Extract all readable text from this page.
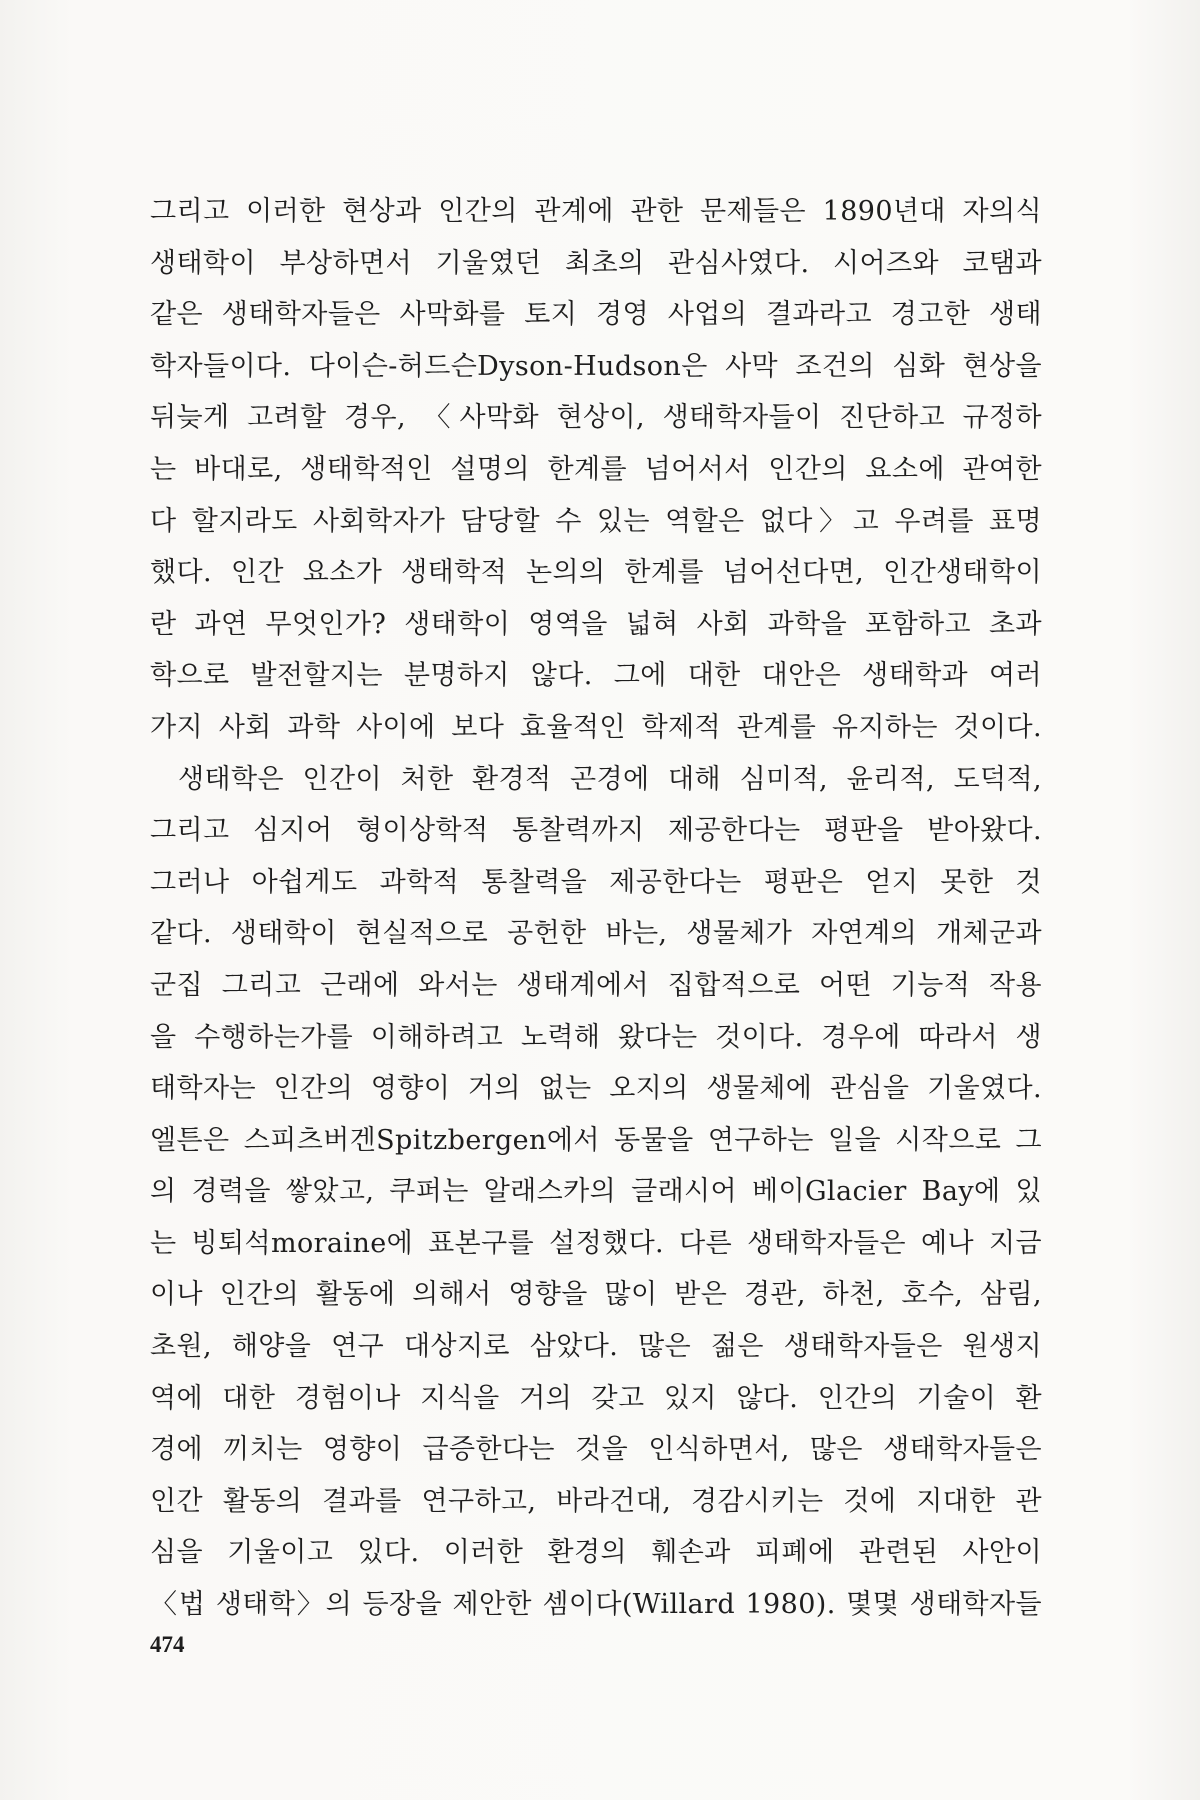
그리고 이러한 현상과 인간의 관계에 관한 문제들은 1890년대 자의식
생태학이 부상하면서 기울였던 최초의 관심사였다. 시어즈와 코탬과
같은 생태학자들은 사막화를 토지 경영 사업의 결과라고 경고한 생태
학자들이다. 다이슨-허드슨Dyson-Hudson은 사막 조건의 심화 현상을
뒤늦게 고려할 경우, 〈사막화 현상이, 생태학자들이 진단하고 규정하
는 바대로, 생태학적인 설명의 한계를 넘어서서 인간의 요소에 관여한
다 할지라도 사회학자가 담당할 수 있는 역할은 없다〉고 우려를 표명
했다. 인간 요소가 생태학적 논의의 한계를 넘어선다면, 인간생태학이
란 과연 무엇인가? 생태학이 영역을 넓혀 사회 과학을 포함하고 초과
학으로 발전할지는 분명하지 않다. 그에 대한 대안은 생태학과 여러
가지 사회 과학 사이에 보다 효율적인 학제적 관계를 유지하는 것이다.
생태학은 인간이 처한 환경적 곤경에 대해 심미적, 윤리적, 도덕적,
그리고 심지어 형이상학적 통찰력까지 제공한다는 평판을 받아왔다.
그러나 아쉽게도 과학적 통찰력을 제공한다는 평판은 얻지 못한 것
같다. 생태학이 현실적으로 공헌한 바는, 생물체가 자연계의 개체군과
군집 그리고 근래에 와서는 생태계에서 집합적으로 어떤 기능적 작용
을 수행하는가를 이해하려고 노력해 왔다는 것이다. 경우에 따라서 생
태학자는 인간의 영향이 거의 없는 오지의 생물체에 관심을 기울였다.
엘튼은 스피츠버겐Spitzbergen에서 동물을 연구하는 일을 시작으로 그
의 경력을 쌓았고, 쿠퍼는 알래스카의 글래시어 베이Glacier Bay에 있
는 빙퇴석moraine에 표본구를 설정했다. 다른 생태학자들은 예나 지금
이나 인간의 활동에 의해서 영향을 많이 받은 경관, 하천, 호수, 삼림,
초원, 해양을 연구 대상지로 삼았다. 많은 젊은 생태학자들은 원생지
역에 대한 경험이나 지식을 거의 갖고 있지 않다. 인간의 기술이 환
경에 끼치는 영향이 급증한다는 것을 인식하면서, 많은 생태학자들은
인간 활동의 결과를 연구하고, 바라건대, 경감시키는 것에 지대한 관
심을 기울이고 있다. 이러한 환경의 훼손과 피폐에 관련된 사안이
〈법 생태학〉의 등장을 제안한 셈이다(Willard 1980). 몇몇 생태학자들
474
